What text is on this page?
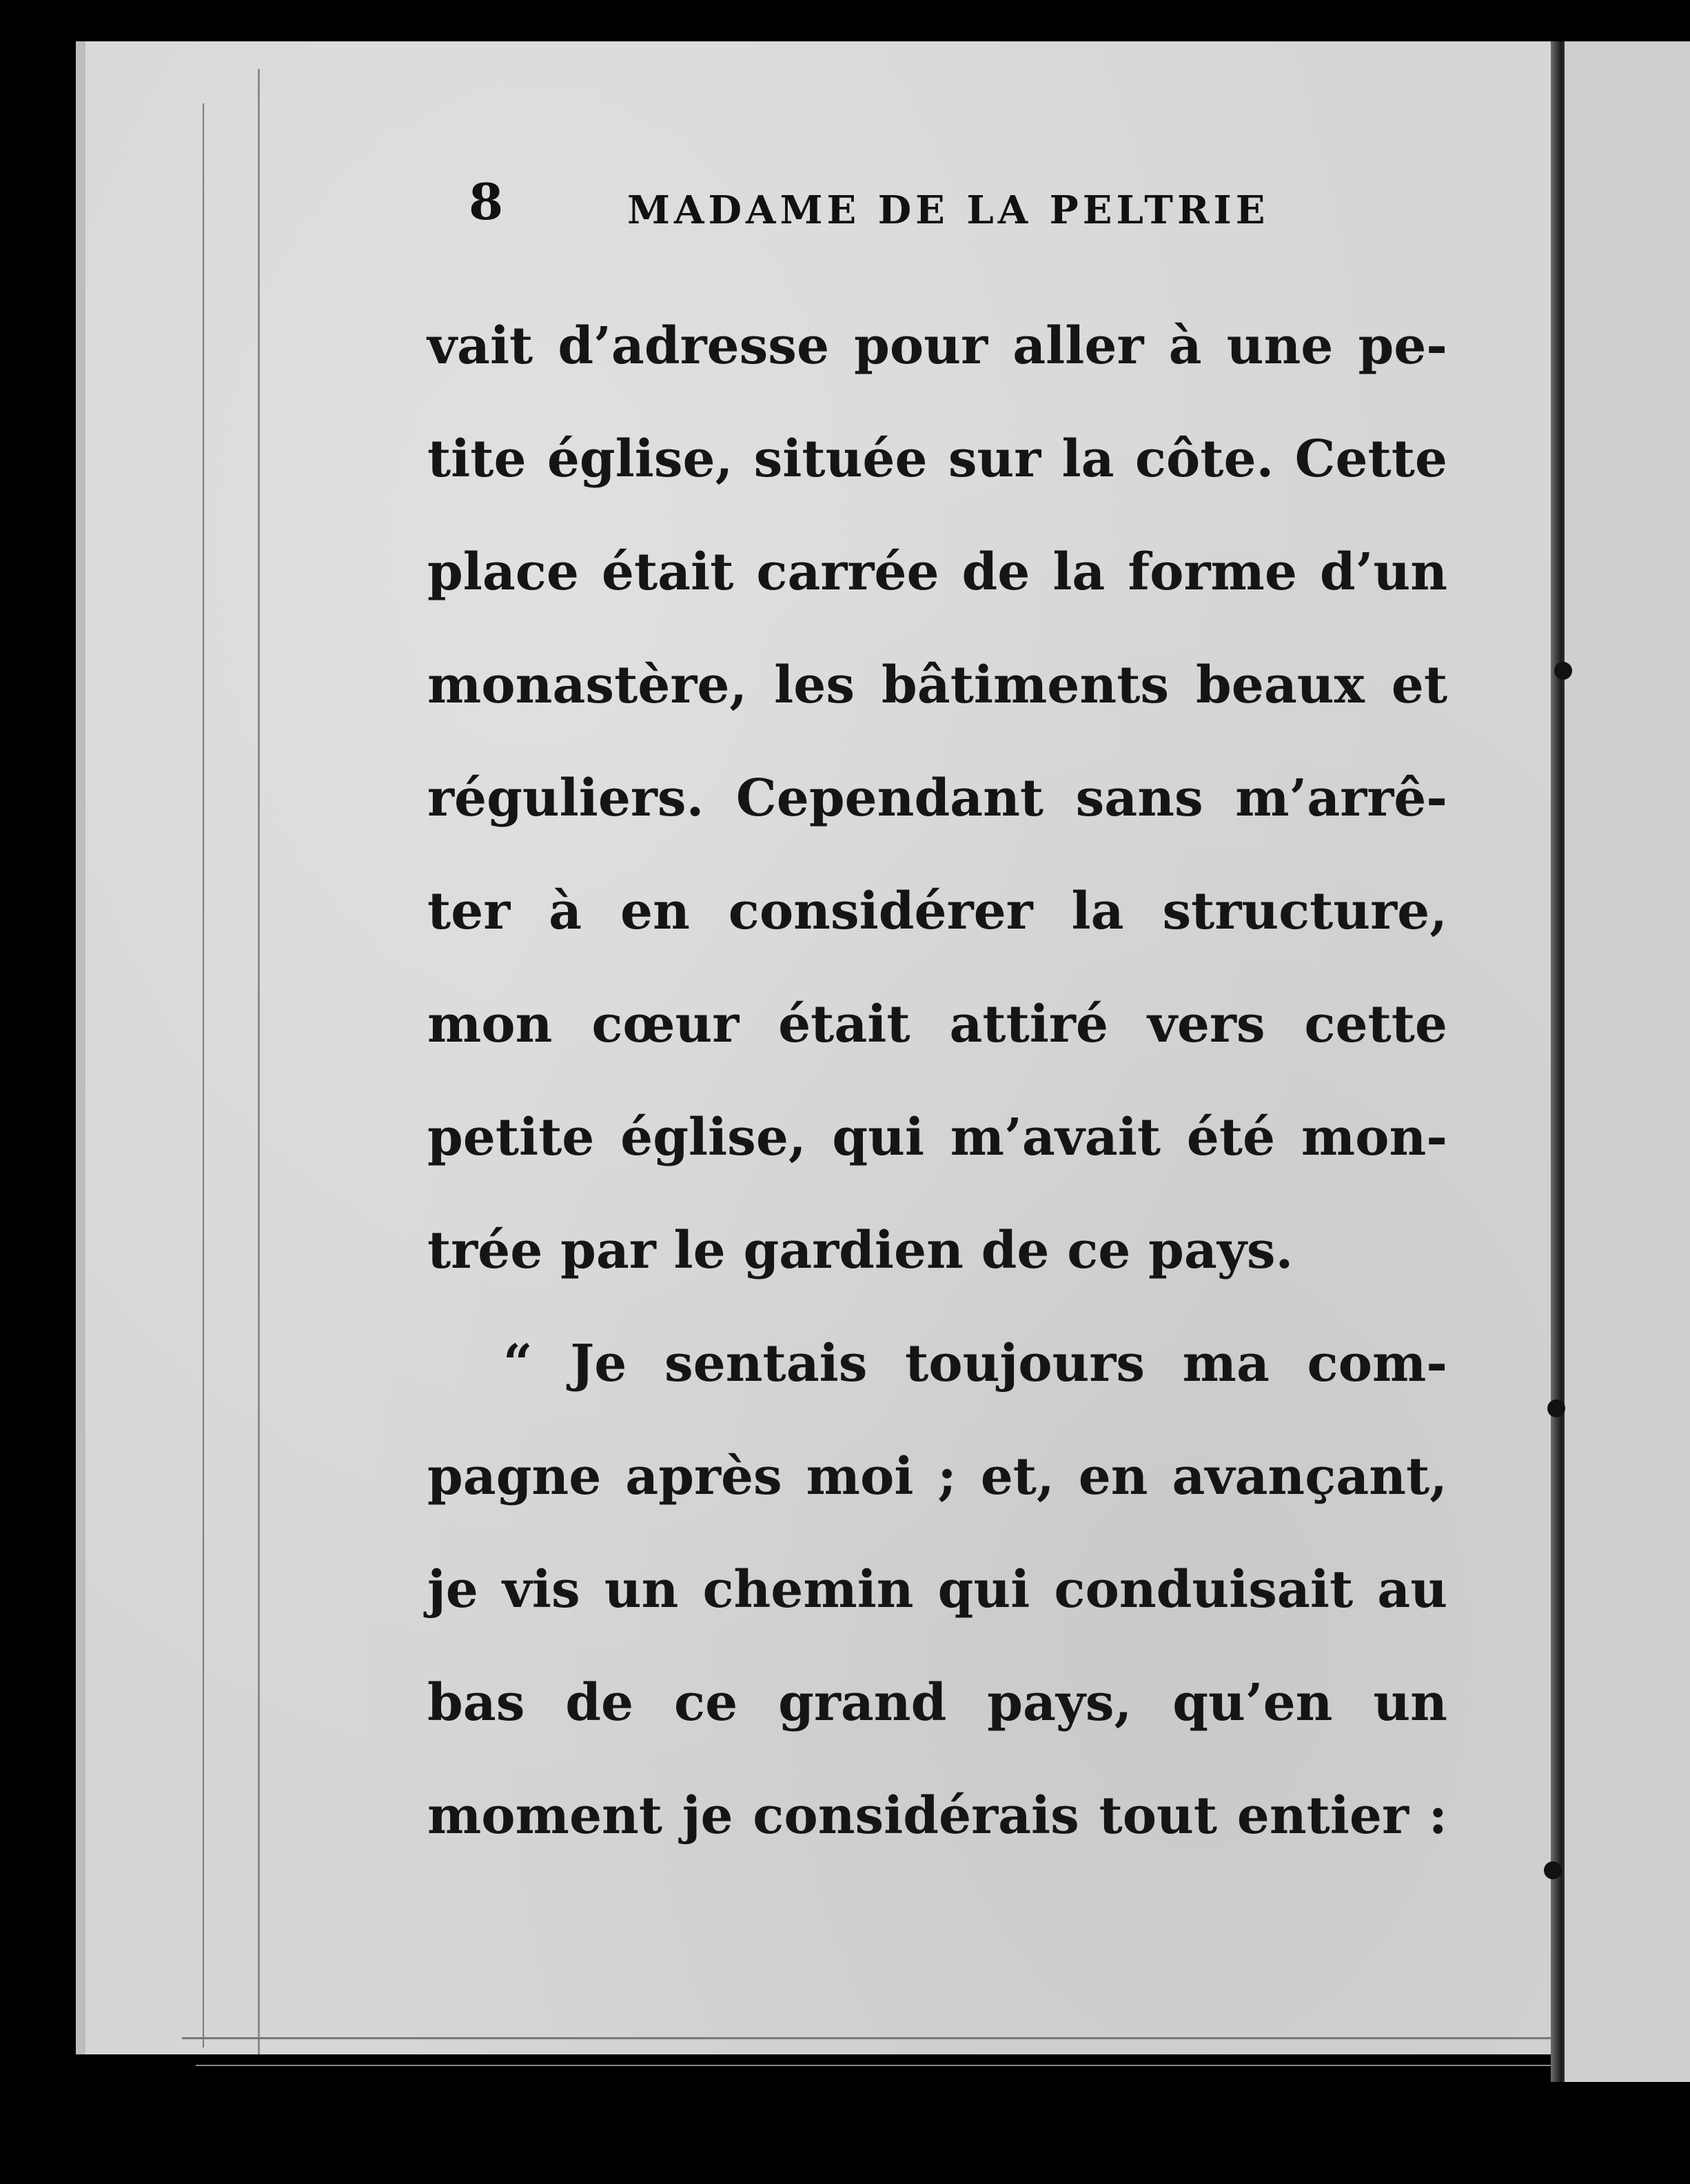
8	MADAME DE LA PELTRIE
vait d’adresse pour aller à une pe-
tite église, située sur la côte. Cette
place était carrée de la forme d’un
monastère, les bâtiments beaux et
réguliers. Cependant sans m’arrê-
ter à en considérer la structure,
mon cœur était attiré vers cette
petite église, qui m’avait été mon-
trée par le gardien de ce pays.
“ Je sentais toujours ma com-
pagne après moi ; et, en avançant,
je vis un chemin qui conduisait au
bas de ce grand pays, qu’en un
moment je considérais tout entier :
